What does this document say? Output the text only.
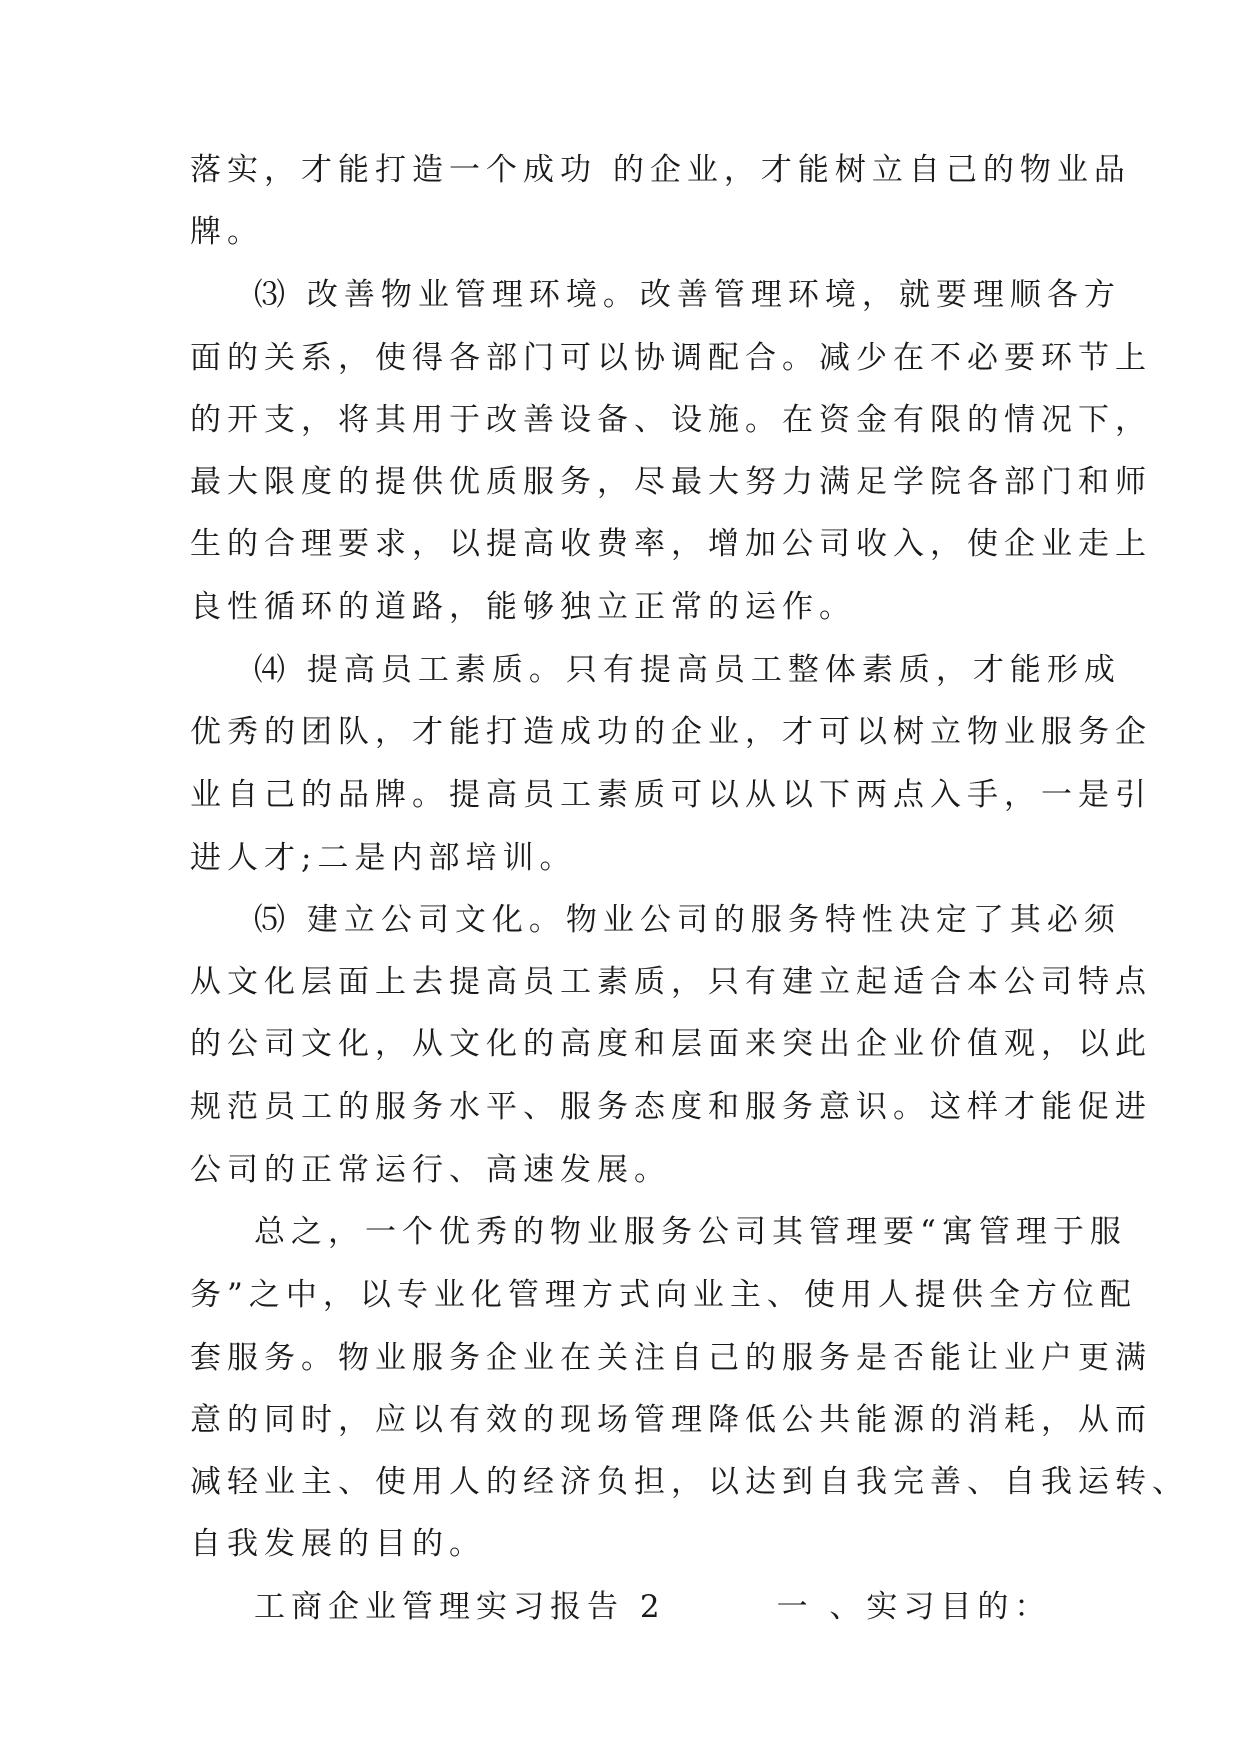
落实，才能打造一个成功 的企业，才能树立自己的物业品
牌。
⑶ 改善物业管理环境。改善管理环境，就要理顺各方
面的关系，使得各部门可以协调配合。减少在不必要环节上
的开支，将其用于改善设备、设施。在资金有限的情况下，
最大限度的提供优质服务，尽最大努力满足学院各部门和师
生的合理要求，以提高收费率，增加公司收入，使企业走上
良性循环的道路，能够独立正常的运作。
⑷ 提高员工素质。只有提高员工整体素质，才能形成
优秀的团队，才能打造成功的企业，才可以树立物业服务企
业自己的品牌。提高员工素质可以从以下两点入手，一是引
进人才;二是内部培训。
⑸ 建立公司文化。物业公司的服务特性决定了其必须
从文化层面上去提高员工素质，只有建立起适合本公司特点
的公司文化，从文化的高度和层面来突出企业价值观，以此
规范员工的服务水平、服务态度和服务意识。这样才能促进
公司的正常运行、高速发展。
总之，一个优秀的物业服务公司其管理要“寓管理于服
务”之中，以专业化管理方式向业主、使用人提供全方位配
套服务。物业服务企业在关注自己的服务是否能让业户更满
意的同时，应以有效的现场管理降低公共能源的消耗，从而
减轻业主、使用人的经济负担，以达到自我完善、自我运转、
自我发展的目的。
工商企业管理实习报告 2　　　一 、实习目的：
